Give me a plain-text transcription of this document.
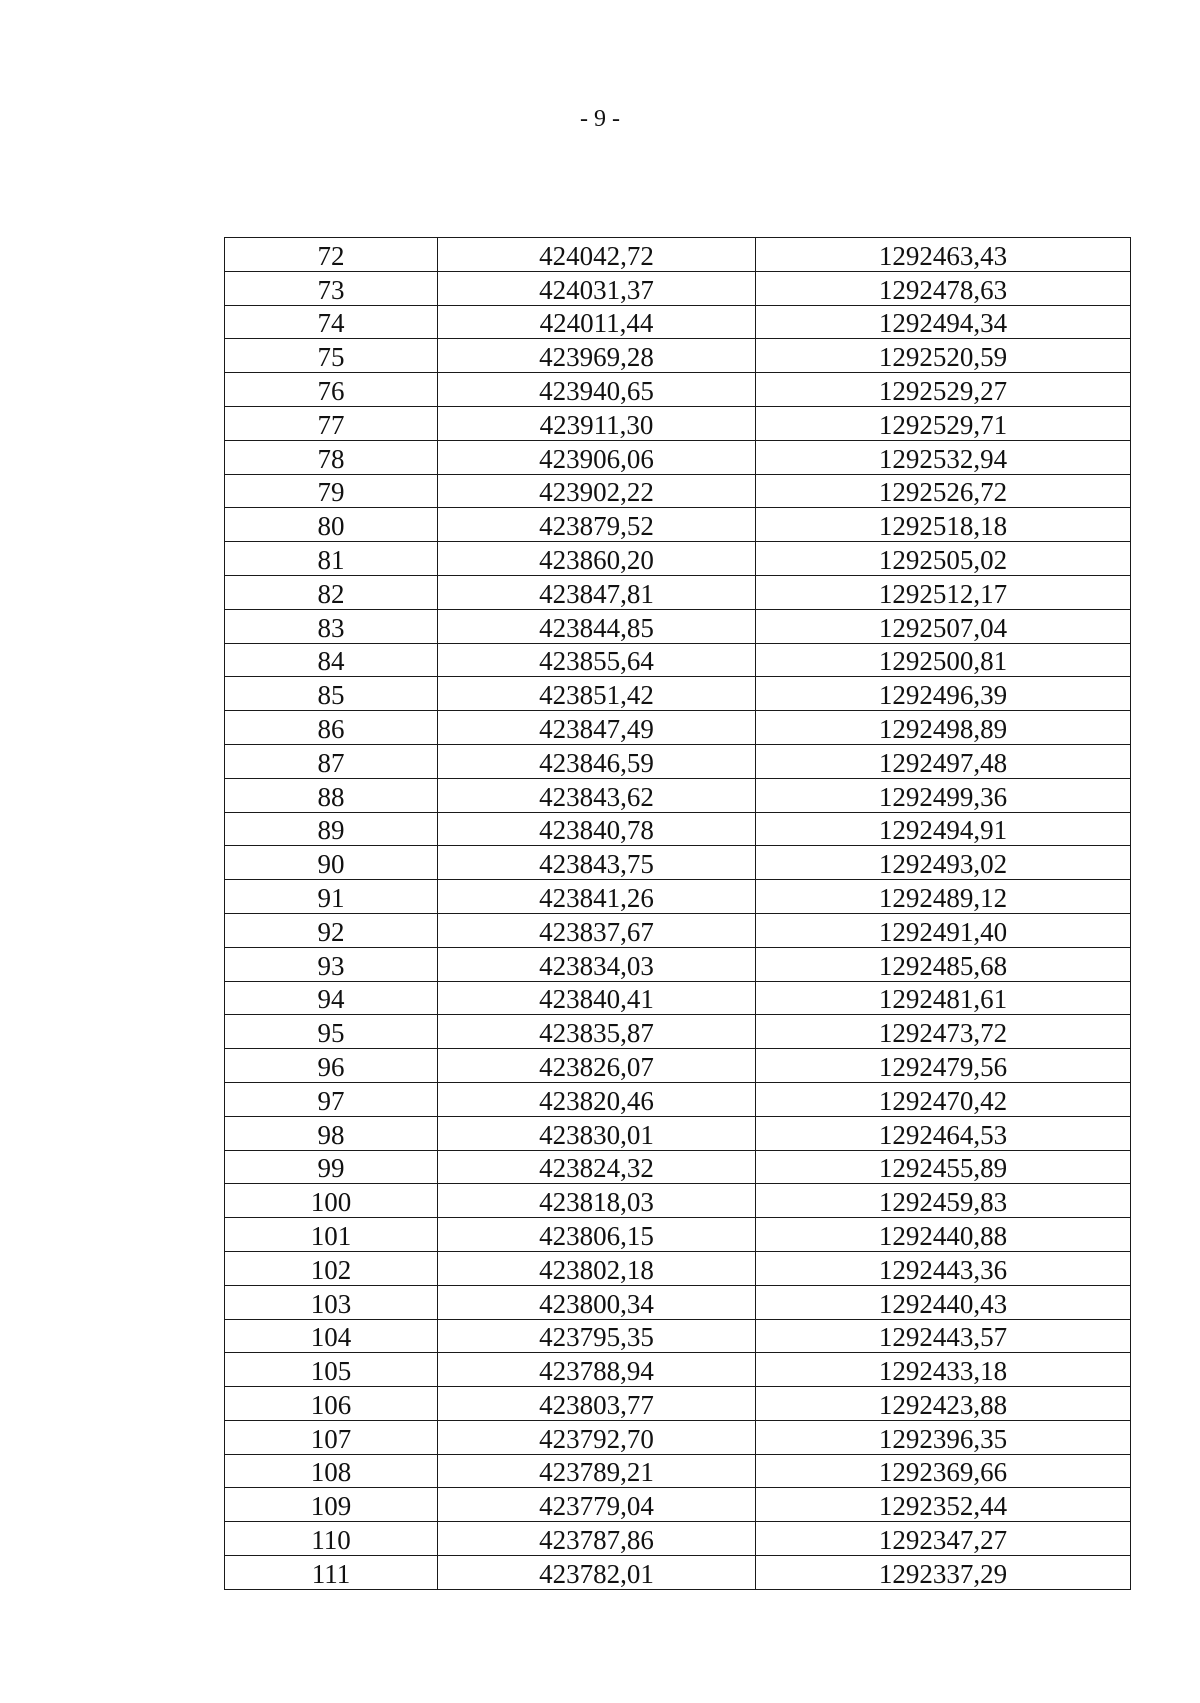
- 9 -
72	424042,72	1292463,43
73	424031,37	1292478,63
74	424011,44	1292494,34
75	423969,28	1292520,59
76	423940,65	1292529,27
77	423911,30	1292529,71
78	423906,06	1292532,94
79	423902,22	1292526,72
80	423879,52	1292518,18
81	423860,20	1292505,02
82	423847,81	1292512,17
83	423844,85	1292507,04
84	423855,64	1292500,81
85	423851,42	1292496,39
86	423847,49	1292498,89
87	423846,59	1292497,48
88	423843,62	1292499,36
89	423840,78	1292494,91
90	423843,75	1292493,02
91	423841,26	1292489,12
92	423837,67	1292491,40
93	423834,03	1292485,68
94	423840,41	1292481,61
95	423835,87	1292473,72
96	423826,07	1292479,56
97	423820,46	1292470,42
98	423830,01	1292464,53
99	423824,32	1292455,89
100	423818,03	1292459,83
101	423806,15	1292440,88
102	423802,18	1292443,36
103	423800,34	1292440,43
104	423795,35	1292443,57
105	423788,94	1292433,18
106	423803,77	1292423,88
107	423792,70	1292396,35
108	423789,21	1292369,66
109	423779,04	1292352,44
110	423787,86	1292347,27
111	423782,01	1292337,29
